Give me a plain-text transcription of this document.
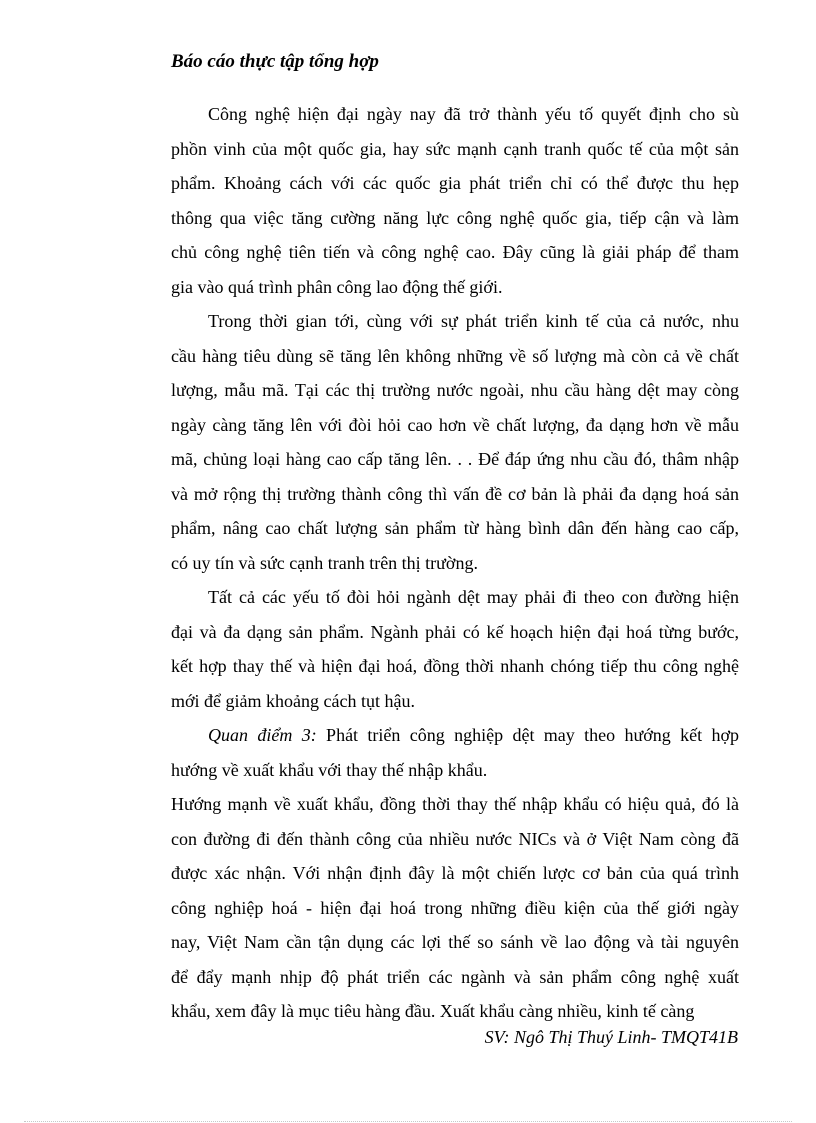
Báo cáo thực tập tổng hợp
Công nghệ hiện đại ngày nay đã trở thành yếu tố quyết định cho sù
phồn vinh của một quốc gia, hay sức mạnh cạnh tranh quốc tế của một sản
phẩm. Khoảng cách với các quốc gia phát triển chỉ có thể được thu hẹp
thông qua việc tăng cường năng lực công nghệ quốc gia, tiếp cận và làm
chủ công nghệ tiên tiến và công nghệ cao. Đây cũng là giải pháp để tham
gia vào quá trình phân công lao động thế giới.
Trong thời gian tới, cùng với sự phát triển kinh tế của cả nước, nhu
cầu hàng tiêu dùng sẽ tăng lên không những về số lượng mà còn cả về chất
lượng, mẫu mã. Tại các thị trường nước ngoài, nhu cầu hàng dệt may còng
ngày càng tăng lên với đòi hỏi cao hơn về chất lượng, đa dạng hơn về mẫu
mã, chủng loại hàng cao cấp tăng lên. . . Để đáp ứng nhu cầu đó, thâm nhập
và mở rộng thị trường thành công thì vấn đề cơ bản là phải đa dạng hoá sản
phẩm, nâng cao chất lượng sản phẩm từ hàng bình dân đến hàng cao cấp,
có uy tín và sức cạnh tranh trên thị trường.
Tất cả các yếu tố đòi hỏi ngành dệt may phải đi theo con đường hiện
đại và đa dạng sản phẩm. Ngành phải có kế hoạch hiện đại hoá từng bước,
kết hợp thay thế và hiện đại hoá, đồng thời nhanh chóng tiếp thu công nghệ
mới để giảm khoảng cách tụt hậu.
Quan điểm 3: Phát triển công nghiệp dệt may theo hướng kết hợp
hướng về xuất khẩu với thay thế nhập khẩu.
Hướng mạnh về xuất khẩu, đồng thời thay thế nhập khẩu có hiệu quả, đó là
con đường đi đến thành công của nhiều nước NICs và ở Việt Nam còng đã
được xác nhận. Với nhận định đây là một chiến lược cơ bản của quá trình
công nghiệp hoá - hiện đại hoá trong những điều kiện của thế giới ngày
nay, Việt Nam cần tận dụng các lợi thế so sánh về lao động và tài nguyên
để đẩy mạnh nhịp độ phát triển các ngành và sản phẩm công nghệ xuất
khẩu, xem đây là mục tiêu hàng đầu. Xuất khẩu càng nhiều, kinh tế càng
SV: Ngô Thị Thuý Linh- TMQT41B
